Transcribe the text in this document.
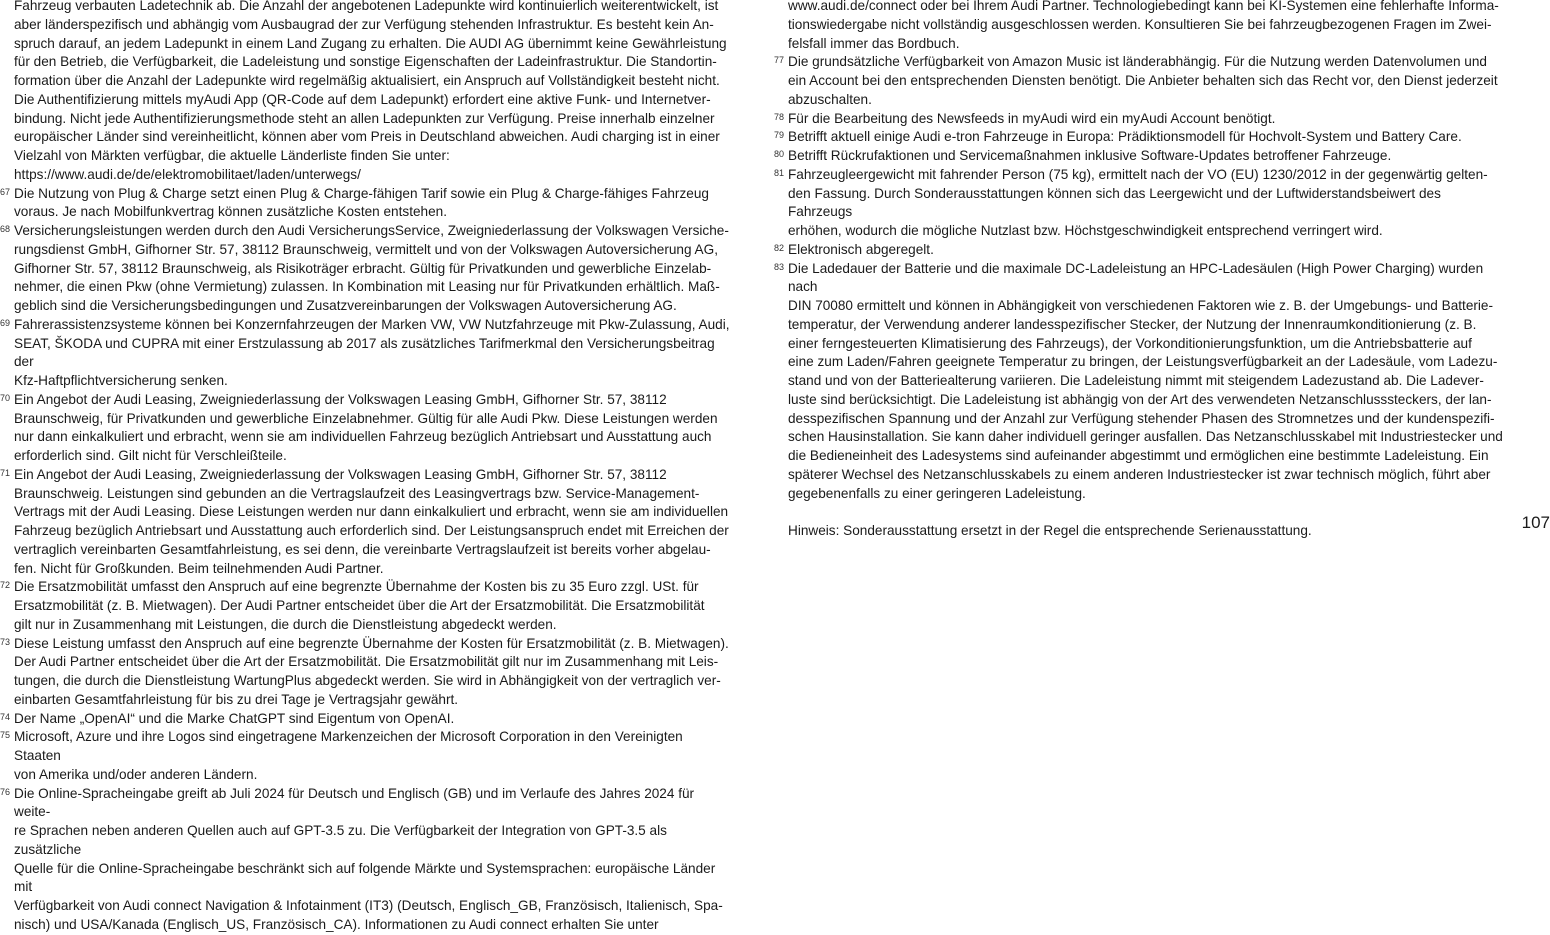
Fahrzeug verbauten Ladetechnik ab. Die Anzahl der angebotenen Ladepunkte wird kontinuierlich weiterentwickelt, ist
aber länderspezifisch und abhängig vom Ausbaugrad der zur Verfügung stehenden Infrastruktur. Es besteht kein An-
spruch darauf, an jedem Ladepunkt in einem Land Zugang zu erhalten. Die AUDI AG übernimmt keine Gewährleistung
für den Betrieb, die Verfügbarkeit, die Ladeleistung und sonstige Eigenschaften der Ladeinfrastruktur. Die Standortin-
formation über die Anzahl der Ladepunkte wird regelmäßig aktualisiert, ein Anspruch auf Vollständigkeit besteht nicht.
Die Authentifizierung mittels myAudi App (QR-Code auf dem Ladepunkt) erfordert eine aktive Funk- und Internetver-
bindung. Nicht jede Authentifizierungsmethode steht an allen Ladepunkten zur Verfügung. Preise innerhalb einzelner
europäischer Länder sind vereinheitlicht, können aber vom Preis in Deutschland abweichen. Audi charging ist in einer
Vielzahl von Märkten verfügbar, die aktuelle Länderliste finden Sie unter:
https://www.audi.de/de/elektromobilitaet/laden/unterwegs/
67 Die Nutzung von Plug & Charge setzt einen Plug & Charge-fähigen Tarif sowie ein Plug & Charge-fähiges Fahrzeug
voraus. Je nach Mobilfunkvertrag können zusätzliche Kosten entstehen.
68 Versicherungsleistungen werden durch den Audi VersicherungsService, Zweigniederlassung der Volkswagen Versiche-
rungsdienst GmbH, Gifhorner Str. 57, 38112 Braunschweig, vermittelt und von der Volkswagen Autoversicherung AG,
Gifhorner Str. 57, 38112 Braunschweig, als Risikoträger erbracht. Gültig für Privatkunden und gewerbliche Einzelab-
nehmer, die einen Pkw (ohne Vermietung) zulassen. In Kombination mit Leasing nur für Privatkunden erhältlich. Maß-
geblich sind die Versicherungsbedingungen und Zusatzvereinbarungen der Volkswagen Autoversicherung AG.
69 Fahrerassistenzsysteme können bei Konzernfahrzeugen der Marken VW, VW Nutzfahrzeuge mit Pkw-Zulassung, Audi,
SEAT, ŠKODA und CUPRA mit einer Erstzulassung ab 2017 als zusätzliches Tarifmerkmal den Versicherungsbeitrag der
Kfz-Haftpflichtversicherung senken.
70 Ein Angebot der Audi Leasing, Zweigniederlassung der Volkswagen Leasing GmbH, Gifhorner Str. 57, 38112
Braunschweig, für Privatkunden und gewerbliche Einzelabnehmer. Gültig für alle Audi Pkw. Diese Leistungen werden
nur dann einkalkuliert und erbracht, wenn sie am individuellen Fahrzeug bezüglich Antriebsart und Ausstattung auch
erforderlich sind. Gilt nicht für Verschleißteile.
71 Ein Angebot der Audi Leasing, Zweigniederlassung der Volkswagen Leasing GmbH, Gifhorner Str. 57, 38112
Braunschweig. Leistungen sind gebunden an die Vertragslaufzeit des Leasingvertrags bzw. Service-Management-
Vertrags mit der Audi Leasing. Diese Leistungen werden nur dann einkalkuliert und erbracht, wenn sie am individuellen
Fahrzeug bezüglich Antriebsart und Ausstattung auch erforderlich sind. Der Leistungsanspruch endet mit Erreichen der
vertraglich vereinbarten Gesamtfahrleistung, es sei denn, die vereinbarte Vertragslaufzeit ist bereits vorher abgelau-
fen. Nicht für Großkunden. Beim teilnehmenden Audi Partner.
72 Die Ersatzmobilität umfasst den Anspruch auf eine begrenzte Übernahme der Kosten bis zu 35 Euro zzgl. USt. für
Ersatzmobilität (z. B. Mietwagen). Der Audi Partner entscheidet über die Art der Ersatzmobilität. Die Ersatzmobilität
gilt nur in Zusammenhang mit Leistungen, die durch die Dienstleistung abgedeckt werden.
73 Diese Leistung umfasst den Anspruch auf eine begrenzte Übernahme der Kosten für Ersatzmobilität (z. B. Mietwagen).
Der Audi Partner entscheidet über die Art der Ersatzmobilität. Die Ersatzmobilität gilt nur im Zusammenhang mit Leis-
tungen, die durch die Dienstleistung WartungPlus abgedeckt werden. Sie wird in Abhängigkeit von der vertraglich ver-
einbarten Gesamtfahrleistung für bis zu drei Tage je Vertragsjahr gewährt.
74 Der Name „OpenAI“ und die Marke ChatGPT sind Eigentum von OpenAI.
75 Microsoft, Azure und ihre Logos sind eingetragene Markenzeichen der Microsoft Corporation in den Vereinigten Staaten
von Amerika und/oder anderen Ländern.
76 Die Online-Spracheingabe greift ab Juli 2024 für Deutsch und Englisch (GB) und im Verlaufe des Jahres 2024 für weite-
re Sprachen neben anderen Quellen auch auf GPT-3.5 zu. Die Verfügbarkeit der Integration von GPT-3.5 als zusätzliche
Quelle für die Online-Spracheingabe beschränkt sich auf folgende Märkte und Systemsprachen: europäische Länder mit
Verfügbarkeit von Audi connect Navigation & Infotainment (IT3) (Deutsch, Englisch_GB, Französisch, Italienisch, Spa-
nisch) und USA/Kanada (Englisch_US, Französisch_CA). Informationen zu Audi connect erhalten Sie unter
www.audi.de/connect oder bei Ihrem Audi Partner. Technologiebedingt kann bei KI-Systemen eine fehlerhafte Informa-
tionswiedergabe nicht vollständig ausgeschlossen werden. Konsultieren Sie bei fahrzeugbezogenen Fragen im Zwei-
felsfall immer das Bordbuch.
77 Die grundsätzliche Verfügbarkeit von Amazon Music ist länderabhängig. Für die Nutzung werden Datenvolumen und
ein Account bei den entsprechenden Diensten benötigt. Die Anbieter behalten sich das Recht vor, den Dienst jederzeit
abzuschalten.
78 Für die Bearbeitung des Newsfeeds in myAudi wird ein myAudi Account benötigt.
79 Betrifft aktuell einige Audi e-tron Fahrzeuge in Europa: Prädiktionsmodell für Hochvolt-System und Battery Care.
80 Betrifft Rückrufaktionen und Servicemaßnahmen inklusive Software-Updates betroffener Fahrzeuge.
81 Fahrzeugleergewicht mit fahrender Person (75 kg), ermittelt nach der VO (EU) 1230/2012 in der gegenwärtig gelten-
den Fassung. Durch Sonderausstattungen können sich das Leergewicht und der Luftwiderstandsbeiwert des Fahrzeugs
erhöhen, wodurch die mögliche Nutzlast bzw. Höchstgeschwindigkeit entsprechend verringert wird.
82 Elektronisch abgeregelt.
83 Die Ladedauer der Batterie und die maximale DC-Ladeleistung an HPC-Ladesäulen (High Power Charging) wurden nach
DIN 70080 ermittelt und können in Abhängigkeit von verschiedenen Faktoren wie z. B. der Umgebungs- und Batterie-
temperatur, der Verwendung anderer landesspezifischer Stecker, der Nutzung der Innenraumkonditionierung (z. B.
einer ferngesteuerten Klimatisierung des Fahrzeugs), der Vorkonditionierungsfunktion, um die Antriebsbatterie auf
eine zum Laden/Fahren geeignete Temperatur zu bringen, der Leistungsverfügbarkeit an der Ladesäule, vom Ladezu-
stand und von der Batteriealterung variieren. Die Ladeleistung nimmt mit steigendem Ladezustand ab. Die Ladever-
luste sind berücksichtigt. Die Ladeleistung ist abhängig von der Art des verwendeten Netzanschlusssteckers, der lan-
desspezifischen Spannung und der Anzahl zur Verfügung stehender Phasen des Stromnetzes und der kundenspezifi-
schen Hausinstallation. Sie kann daher individuell geringer ausfallen. Das Netzanschlusskabel mit Industriestecker und
die Bedieneinheit des Ladesystems sind aufeinander abgestimmt und ermöglichen eine bestimmte Ladeleistung. Ein
späterer Wechsel des Netzanschlusskabels zu einem anderen Industriestecker ist zwar technisch möglich, führt aber
gegebenenfalls zu einer geringeren Ladeleistung.

Hinweis: Sonderausstattung ersetzt in der Regel die entsprechende Serienausstattung.	107
